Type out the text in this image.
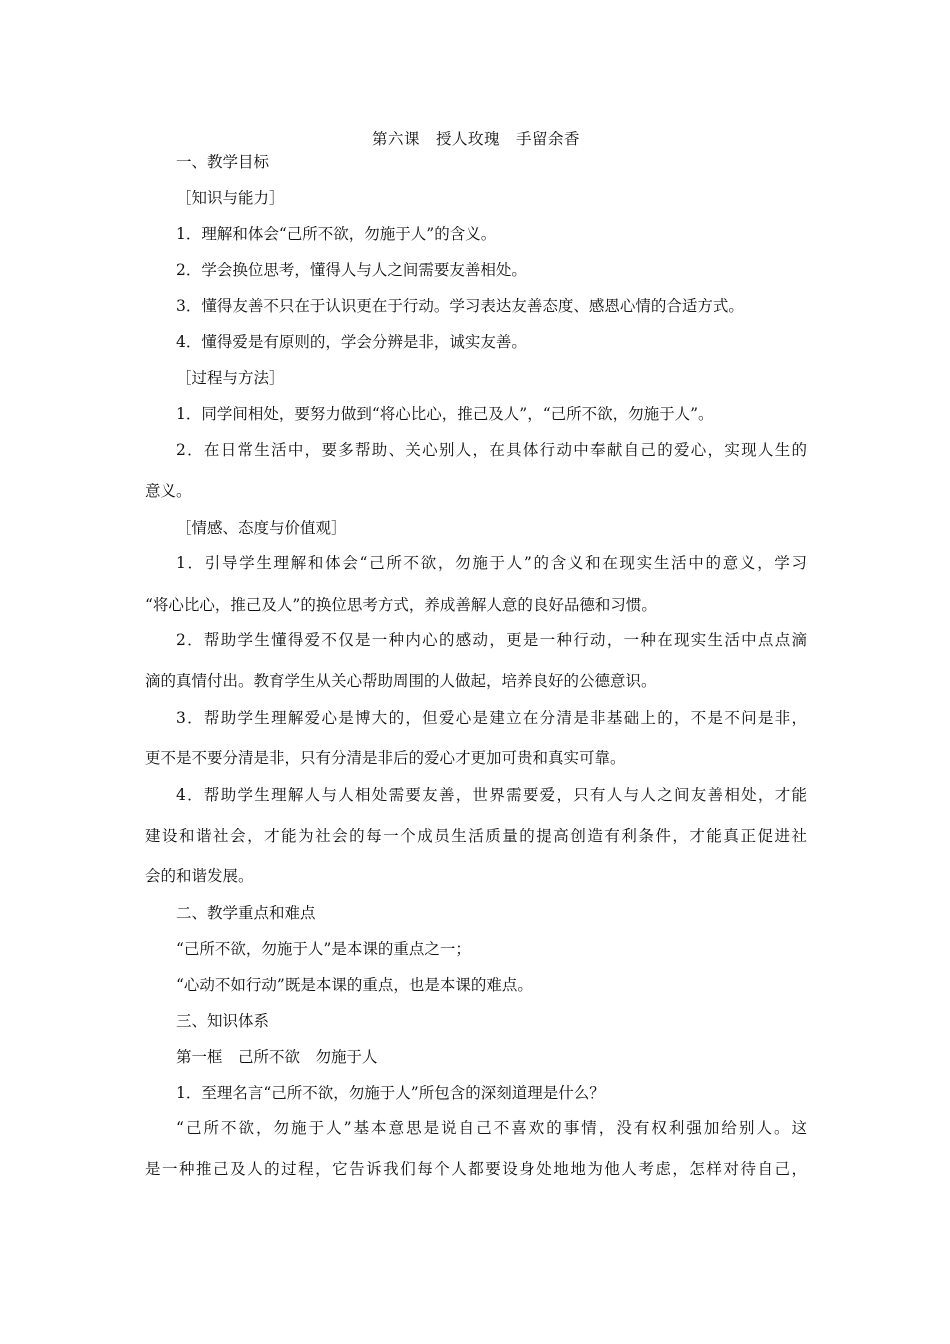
第六课　授人玫瑰　手留余香
一、教学目标
［知识与能力］
1．理解和体会“己所不欲，勿施于人”的含义。
2．学会换位思考，懂得人与人之间需要友善相处。
3．懂得友善不只在于认识更在于行动。学习表达友善态度、感恩心情的合适方式。
4．懂得爱是有原则的，学会分辨是非，诚实友善。
［过程与方法］
1．同学间相处，要努力做到“将心比心，推己及人”，“己所不欲，勿施于人”。
2．在日常生活中，要多帮助、关心别人，在具体行动中奉献自己的爱心，实现人生的
意义。
［情感、态度与价值观］
1．引导学生理解和体会“己所不欲，勿施于人”的含义和在现实生活中的意义，学习
“将心比心，推己及人”的换位思考方式，养成善解人意的良好品德和习惯。
2．帮助学生懂得爱不仅是一种内心的感动，更是一种行动，一种在现实生活中点点滴
滴的真情付出。教育学生从关心帮助周围的人做起，培养良好的公德意识。
3．帮助学生理解爱心是博大的，但爱心是建立在分清是非基础上的，不是不问是非，
更不是不要分清是非，只有分清是非后的爱心才更加可贵和真实可靠。
4．帮助学生理解人与人相处需要友善，世界需要爱，只有人与人之间友善相处，才能
建设和谐社会，才能为社会的每一个成员生活质量的提高创造有利条件，才能真正促进社
会的和谐发展。
二、教学重点和难点
“己所不欲，勿施于人”是本课的重点之一；
“心动不如行动”既是本课的重点，也是本课的难点。
三、知识体系
第一框　己所不欲　勿施于人
1．至理名言“己所不欲，勿施于人”所包含的深刻道理是什么？
“己所不欲，勿施于人”基本意思是说自己不喜欢的事情，没有权利强加给别人。这
是一种推己及人的过程，它告诉我们每个人都要设身处地地为他人考虑，怎样对待自己，
